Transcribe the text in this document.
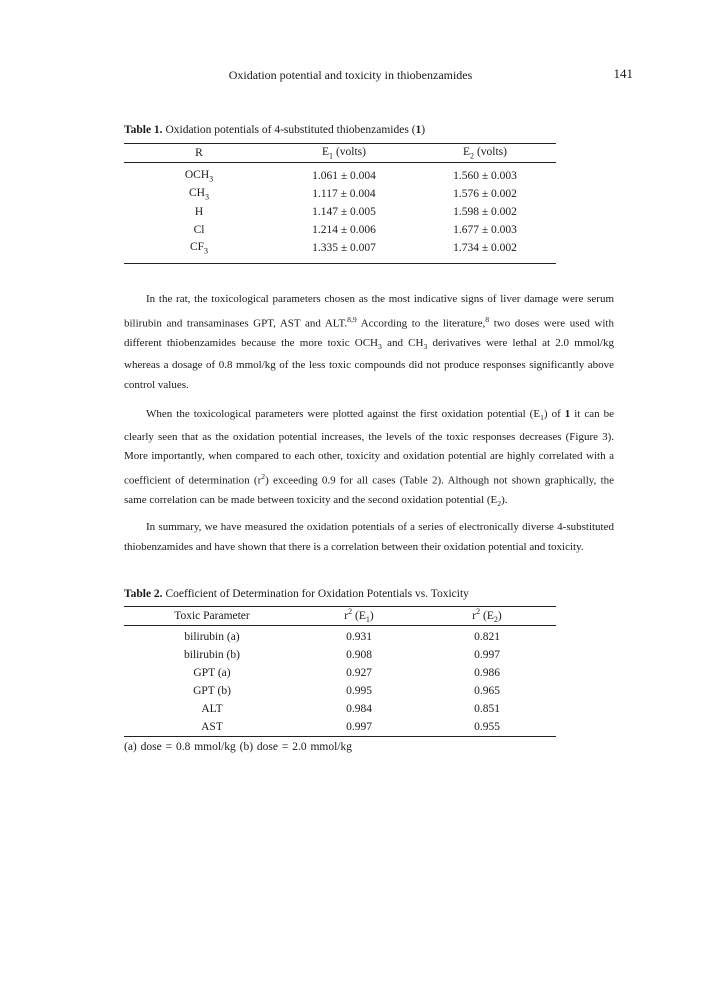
Oxidation potential and toxicity in thiobenzamides	141
Table 1. Oxidation potentials of 4-substituted thiobenzamides (1)
R	$E_1$ (volts)	$E_2$ (volts)
$OCH_3$	1.061 ± 0.004	1.560 ± 0.003
$CH_3$	1.117 ± 0.004	1.576 ± 0.002
H	1.147 ± 0.005	1.598 ± 0.002
Cl	1.214 ± 0.006	1.677 ± 0.003
$CF_3$	1.335 ± 0.007	1.734 ± 0.002
In the rat, the toxicological parameters chosen as the most indicative signs of liver damage were serum bilirubin and transaminases GPT, AST and ALT.$^{8,9}$ According to the literature,$^8$ two doses were used with different thiobenzamides because the more toxic $OCH_3$ and $CH_3$ derivatives were lethal at 2.0 mmol/kg whereas a dosage of 0.8 mmol/kg of the less toxic compounds did not produce responses significantly above control values.
When the toxicological parameters were plotted against the first oxidation potential $(E_1)$ of 1 it can be clearly seen that as the oxidation potential increases, the levels of the toxic responses decreases (Figure 3). More importantly, when compared to each other, toxicity and oxidation potential are highly correlated with a coefficient of determination $(r^2)$ exceeding 0.9 for all cases (Table 2). Although not shown graphically, the same correlation can be made between toxicity and the second oxidation potential $(E_2)$.
In summary, we have measured the oxidation potentials of a series of electronically diverse 4-substituted thiobenzamides and have shown that there is a correlation between their oxidation potential and toxicity.
Table 2. Coefficient of Determination for Oxidation Potentials vs. Toxicity
Toxic Parameter	$r^2$ $(E_1)$	$r^2$ $(E_2)$
bilirubin (a)	0.931	0.821
bilirubin (b)	0.908	0.997
GPT (a)	0.927	0.986
GPT (b)	0.995	0.965
ALT	0.984	0.851
AST	0.997	0.955
(a) dose = 0.8 mmol/kg (b) dose = 2.0 mmol/kg
